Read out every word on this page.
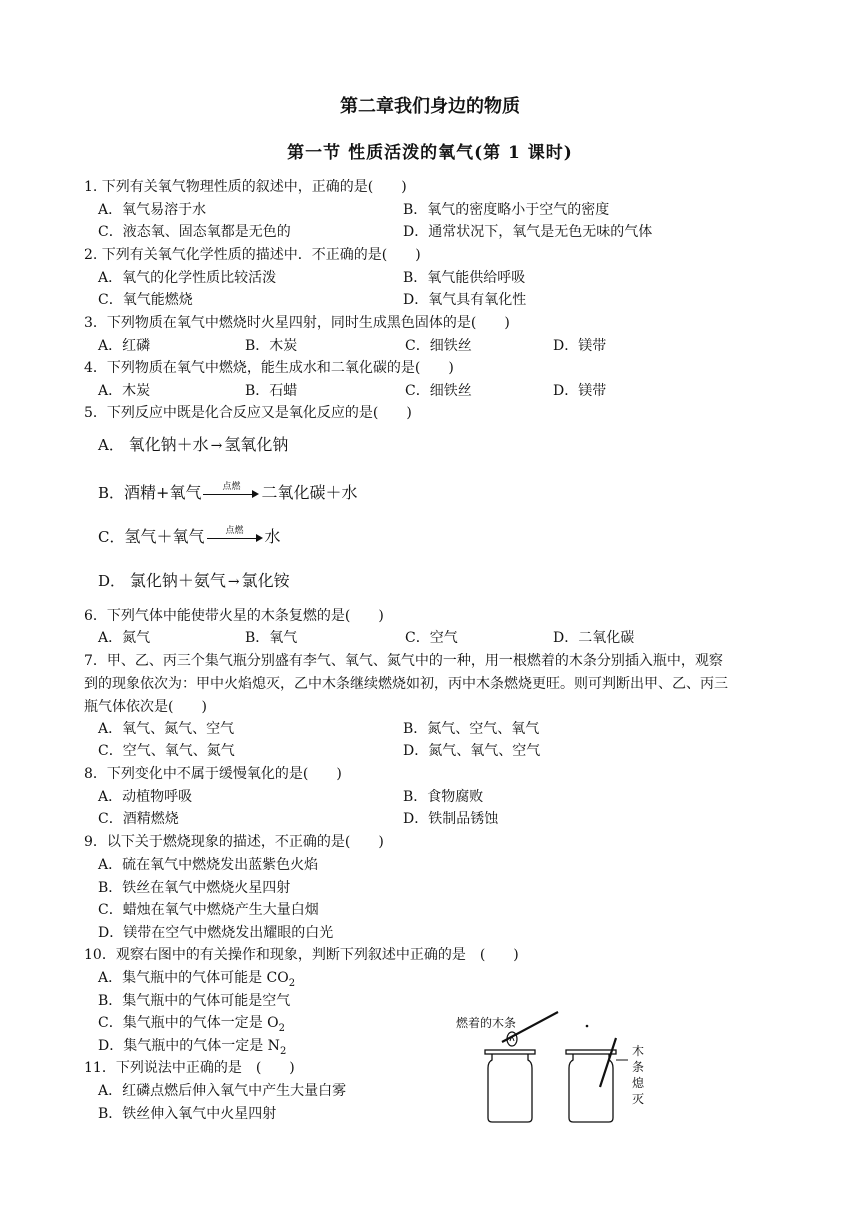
第二章我们身边的物质
第一节 性质活泼的氧气(第 1 课时)
1. 下列有关氧气物理性质的叙述中，正确的是(　　)
A．氧气易溶于水	B．氧气的密度略小于空气的密度
C．液态氧、固态氧都是无色的	D．通常状况下，氧气是无色无味的气体
2. 下列有关氧气化学性质的描述中．不正确的是(　　)
A．氧气的化学性质比较活泼	B．氧气能供给呼吸
C．氧气能燃烧	D．氧气具有氧化性
3．下列物质在氧气中燃烧时火星四射，同时生成黑色固体的是(　　)
A．红磷	B．木炭	C．细铁丝	D．镁带
4．下列物质在氧气中燃烧，能生成水和二氧化碳的是(　　)
A．木炭	B．石蜡	C．细铁丝	D．镁带
5．下列反应中既是化合反应又是氧化反应的是(　　)
A． 氧化钠＋水 → 氢氧化钠
B．酒精+氧气	点燃	二氧化碳＋水
C．氢气＋氧气	点燃	水
D． 氯化钠＋氨气 → 氯化铵
6．下列气体中能使带火星的木条复燃的是(　　)
A．氮气	B．氧气	C．空气	D．二氧化碳
7．甲、乙、丙三个集气瓶分别盛有李气、氧气、氮气中的一种，用一根燃着的木条分别插入瓶中，观察
到的现象依次为：甲中火焰熄灭，乙中木条继续燃烧如初，丙中木条燃烧更旺。则可判断出甲、乙、丙三
瓶气体依次是(　　)
A．氧气、氮气、空气	B．氮气、空气、氧气
C．空气、氧气、氮气	D．氮气、氧气、空气
8．下列变化中不属于缓慢氧化的是(　　)
A．动植物呼吸	B．食物腐败
C．酒精燃烧	D．铁制品锈蚀
9．以下关于燃烧现象的描述，不正确的是(　　)
A．硫在氧气中燃烧发出蓝紫色火焰
B．铁丝在氧气中燃烧火星四射
C．蜡烛在氧气中燃烧产生大量白烟
D．镁带在空气中燃烧发出耀眼的白光
10．观察右图中的有关操作和现象，判断下列叙述中正确的是　(　　)
A．集气瓶中的气体可能是 $CO_2$
B．集气瓶中的气体可能是空气
C．集气瓶中的气体一定是 $O_2$
D．集气瓶中的气体一定是 $N_2$
11．下列说法中正确的是　(　　)
A．红磷点燃后伸入氧气中产生大量白雾
B．铁丝伸入氧气中火星四射
燃着的木条
木
条
熄
灭
